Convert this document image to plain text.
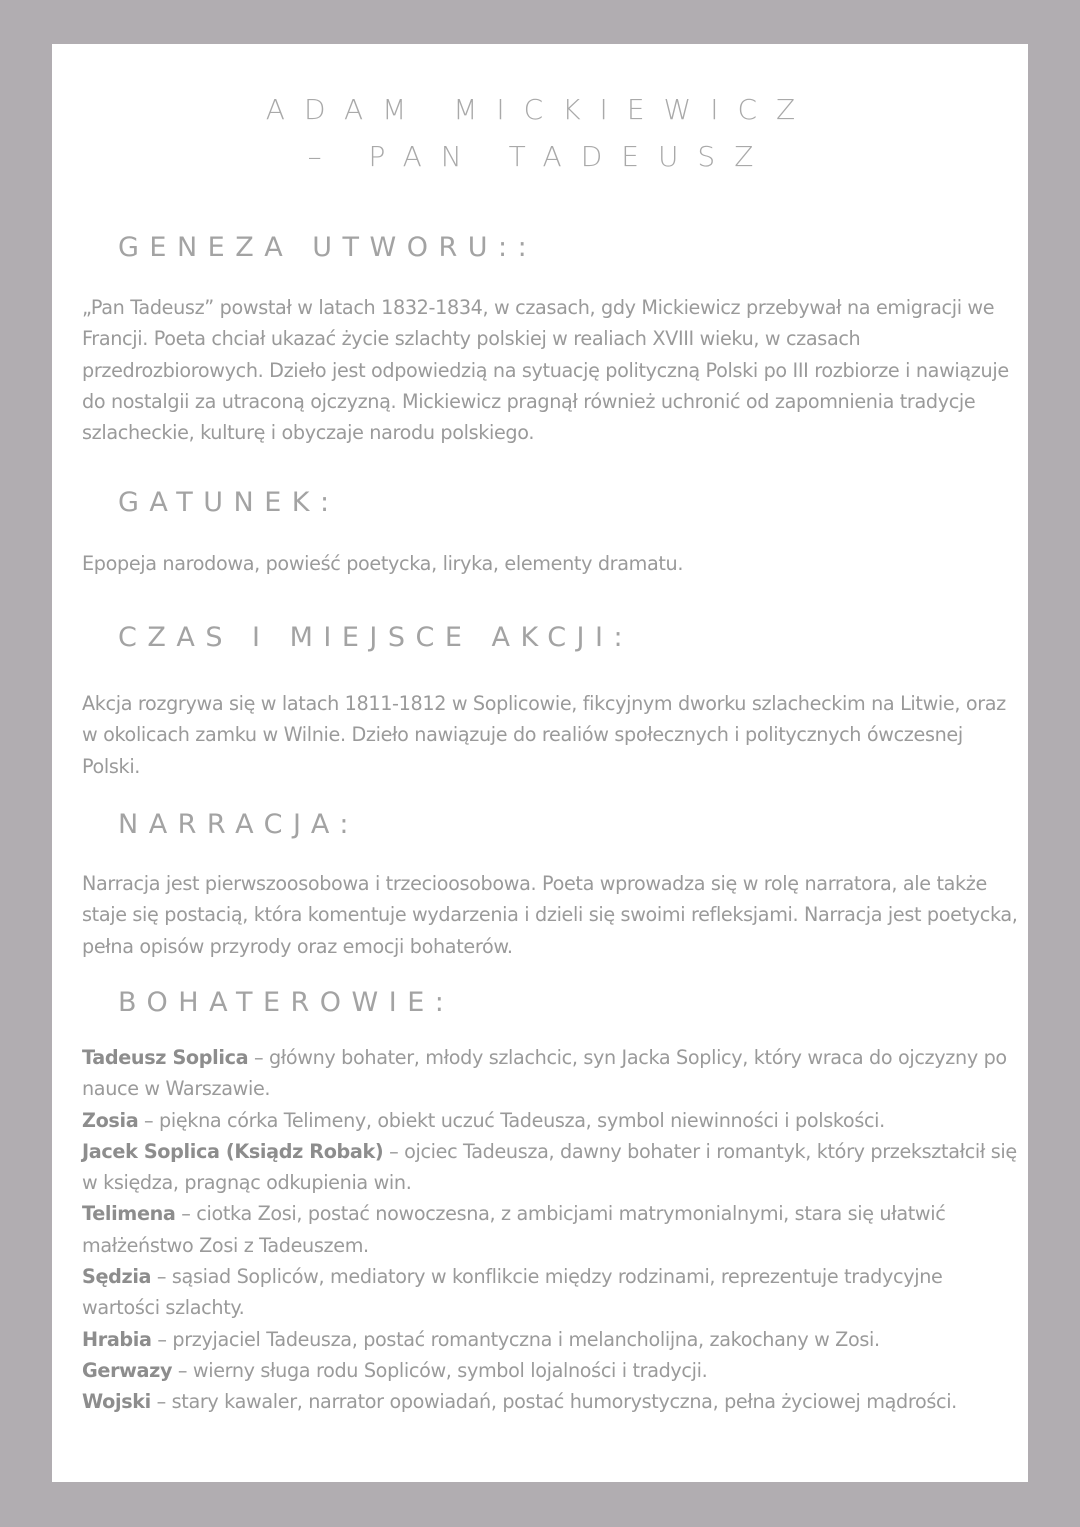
ADAM MICKIEWICZ
– PAN TADEUSZ
GENEZA UTWORU::

„Pan Tadeusz” powstał w latach 1832-1834, w czasach, gdy Mickiewicz przebywał na emigracji we Francji. Poeta chciał ukazać życie szlachty polskiej w realiach XVIII wieku, w czasach przedrozbiorowych. Dzieło jest odpowiedzią na sytuację polityczną Polski po III rozbiorze i nawiązuje do nostalgii za utraconą ojczyzną. Mickiewicz pragnął również uchronić od zapomnienia tradycje szlacheckie, kulturę i obyczaje narodu polskiego.

GATUNEK:

Epopeja narodowa, powieść poetycka, liryka, elementy dramatu.

CZAS I MIEJSCE AKCJI:

Akcja rozgrywa się w latach 1811-1812 w Soplicowie, fikcyjnym dworku szlacheckim na Litwie, oraz w okolicach zamku w Wilnie. Dzieło nawiązuje do realiów społecznych i politycznych ówczesnej Polski.

NARRACJA:

Narracja jest pierwszoosobowa i trzecioosobowa. Poeta wprowadza się w rolę narratora, ale także staje się postacią, która komentuje wydarzenia i dzieli się swoimi refleksjami. Narracja jest poetycka, pełna opisów przyrody oraz emocji bohaterów.

BOHATEROWIE:
Tadeusz Soplica – główny bohater, młody szlachcic, syn Jacka Soplicy, który wraca do ojczyzny po nauce w Warszawie.
Zosia – piękna córka Telimeny, obiekt uczuć Tadeusza, symbol niewinności i polskości.
Jacek Soplica (Ksiądz Robak) – ojciec Tadeusza, dawny bohater i romantyk, który przekształcił się w księdza, pragnąc odkupienia win.
Telimena – ciotka Zosi, postać nowoczesna, z ambicjami matrymonialnymi, stara się ułatwić małżeństwo Zosi z Tadeuszem.
Sędzia – sąsiad Sopliców, mediatory w konflikcie między rodzinami, reprezentuje tradycyjne wartości szlachty.
Hrabia – przyjaciel Tadeusza, postać romantyczna i melancholijna, zakochany w Zosi.
Gerwazy – wierny sługa rodu Sopliców, symbol lojalności i tradycji.
Wojski – stary kawaler, narrator opowiadań, postać humorystyczna, pełna życiowej mądrości.
